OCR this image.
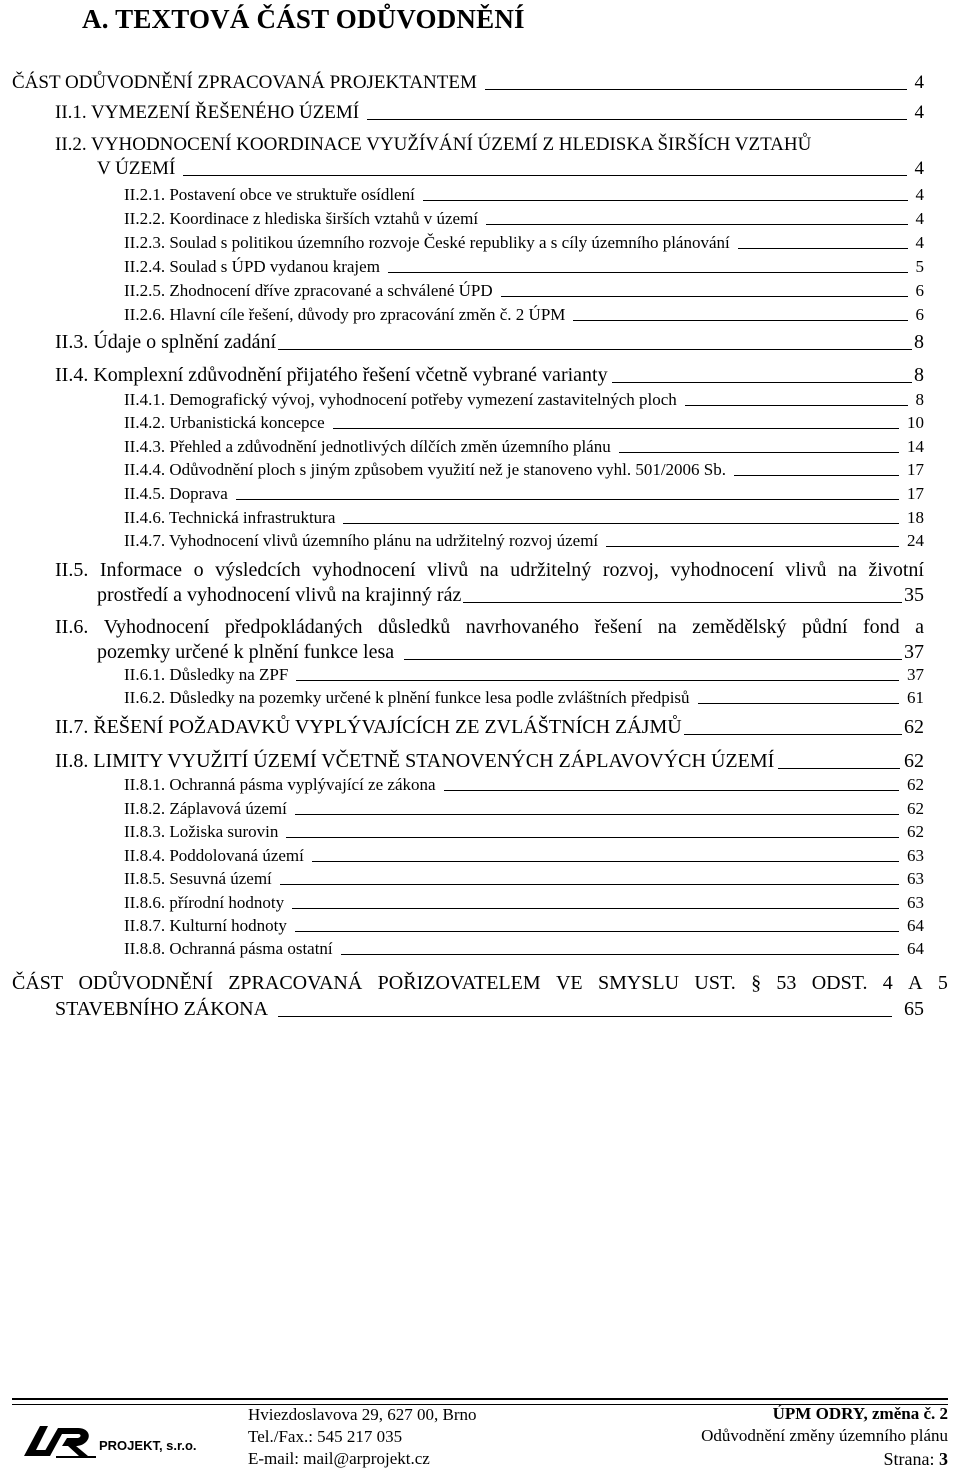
A. TEXTOVÁ ČÁST ODŮVODNĚNÍ
ČÁST ODŮVODNĚNÍ ZPRACOVANÁ PROJEKTANTEM	4
II.1. VYMEZENÍ ŘEŠENÉHO ÚZEMÍ	4
II.2. VYHODNOCENÍ KOORDINACE VYUŽÍVÁNÍ ÚZEMÍ Z HLEDISKA ŠIRŠÍCH VZTAHŮ
V ÚZEMÍ	4
II.2.1. Postavení obce ve struktuře osídlení	4
II.2.2. Koordinace z hlediska širších vztahů v území	4
II.2.3. Soulad s politikou územního rozvoje České republiky a s cíly územního plánování	4
II.2.4. Soulad s ÚPD vydanou krajem	5
II.2.5. Zhodnocení dříve zpracované a schválené ÚPD	6
II.2.6. Hlavní cíle řešení, důvody pro zpracování změn č. 2 ÚPM	6
II.3. Údaje o splnění zadání	8
II.4. Komplexní zdůvodnění přijatého řešení včetně vybrané varianty	8
II.4.1. Demografický vývoj, vyhodnocení potřeby vymezení zastavitelných ploch	8
II.4.2. Urbanistická koncepce	10
II.4.3. Přehled a zdůvodnění jednotlivých dílčích změn územního plánu	14
II.4.4. Odůvodnění ploch s jiným způsobem využití než je stanoveno vyhl. 501/2006 Sb.	17
II.4.5. Doprava	17
II.4.6. Technická infrastruktura	18
II.4.7. Vyhodnocení vlivů územního plánu na udržitelný rozvoj území	24
II.5. Informace o výsledcích vyhodnocení vlivů na udržitelný rozvoj, vyhodnocení vlivů na životní
prostředí a vyhodnocení vlivů na krajinný ráz	35
II.6. Vyhodnocení předpokládaných důsledků navrhovaného řešení na zemědělský půdní fond a
pozemky určené k plnění funkce lesa	37
II.6.1. Důsledky na ZPF	37
II.6.2. Důsledky na pozemky určené k plnění funkce lesa podle zvláštních předpisů	61
II.7. ŘEŠENÍ POŽADAVKŮ VYPLÝVAJÍCÍCH ZE ZVLÁŠTNÍCH ZÁJMŮ	62
II.8. LIMITY VYUŽITÍ ÚZEMÍ VČETNĚ STANOVENÝCH ZÁPLAVOVÝCH ÚZEMÍ	62
II.8.1. Ochranná pásma vyplývající ze zákona	62
II.8.2. Záplavová území	62
II.8.3. Ložiska surovin	62
II.8.4. Poddolovaná území	63
II.8.5. Sesuvná území	63
II.8.6. přírodní hodnoty	63
II.8.7. Kulturní hodnoty	64
II.8.8. Ochranná pásma ostatní	64
ČÁST ODŮVODNĚNÍ ZPRACOVANÁ POŘIZOVATELEM VE SMYSLU UST. § 53 ODST. 4 A 5
STAVEBNÍHO ZÁKONA	65
PROJEKT, s.r.o.
Hviezdoslavova 29, 627 00, Brno
Tel./Fax.: 545 217 035
E-mail: mail@arprojekt.cz
ÚPM ODRY, změna č. 2
Odůvodnění změny územního plánu
Strana: 3
